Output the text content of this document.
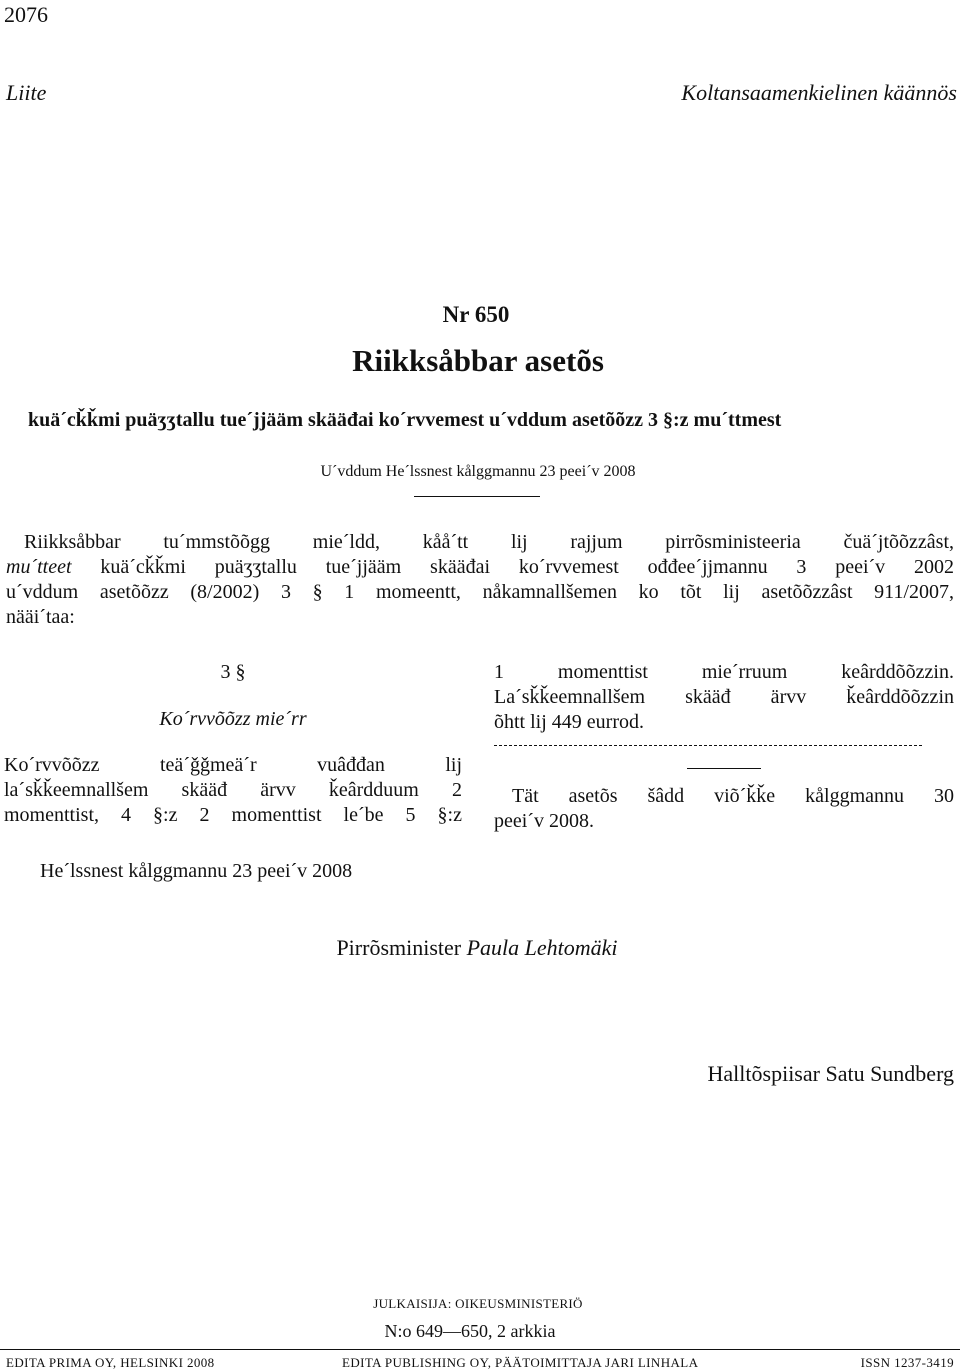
2076
Liite	Koltansaamenkielinen käännös
Nr 650
Riikksåbbar asetõs
kuä´cǩǩmi puäʒʒtallu tue´jjääm skääđai ko´rvvemest u´vddum asetõõzz 3 §:z mu´ttmest
U´vddum He´lssnest kålggmannu 23 peei´v 2008
Riikksåbbar tu´mmstõõgg mie´ldd, kåå´tt lij rajjum pirrõsministeeria čuä´jtõõzzâst,
mu´tteet kuä´cǩǩmi puäʒʒtallu tue´jjääm skääđai ko´rvvemest ođđee´jjmannu 3 peei´v 2002
u´vddum asetõõzz (8/2002) 3 § 1 momeentt, nåkamnallšemen ko tõt lij asetõõzzâst 911/2007,
nääi´taa:
3 §
Ko´rvvõõzz mie´rr
Ko´rvvõõzz teä´ǧǧmeä´r vuâđđan lij
la´sǩǩeemnallšem skääđ ärvv ǩeârdduum 2
momenttist, 4 §:z 2 momenttist le´be 5 §:z
1 momenttist mie´rruum keârddõõzzin.
La´sǩǩeemnallšem skääđ ärvv ǩeârddõõzzin
õhtt lij 449 eurrod.
Tät asetõs šâdd viõ´ǩǩe kålggmannu 30
peei´v 2008.
He´lssnest kålggmannu 23 peei´v 2008
Pirrõsminister Paula Lehtomäki
Halltõspiisar Satu Sundberg
JULKAISIJA: OIKEUSMINISTERIÖ
N:o 649—650, 2 arkkia
EDITA PRIMA OY, HELSINKI 2008	EDITA PUBLISHING OY, PÄÄTOIMITTAJA JARI LINHALA	ISSN 1237-3419
